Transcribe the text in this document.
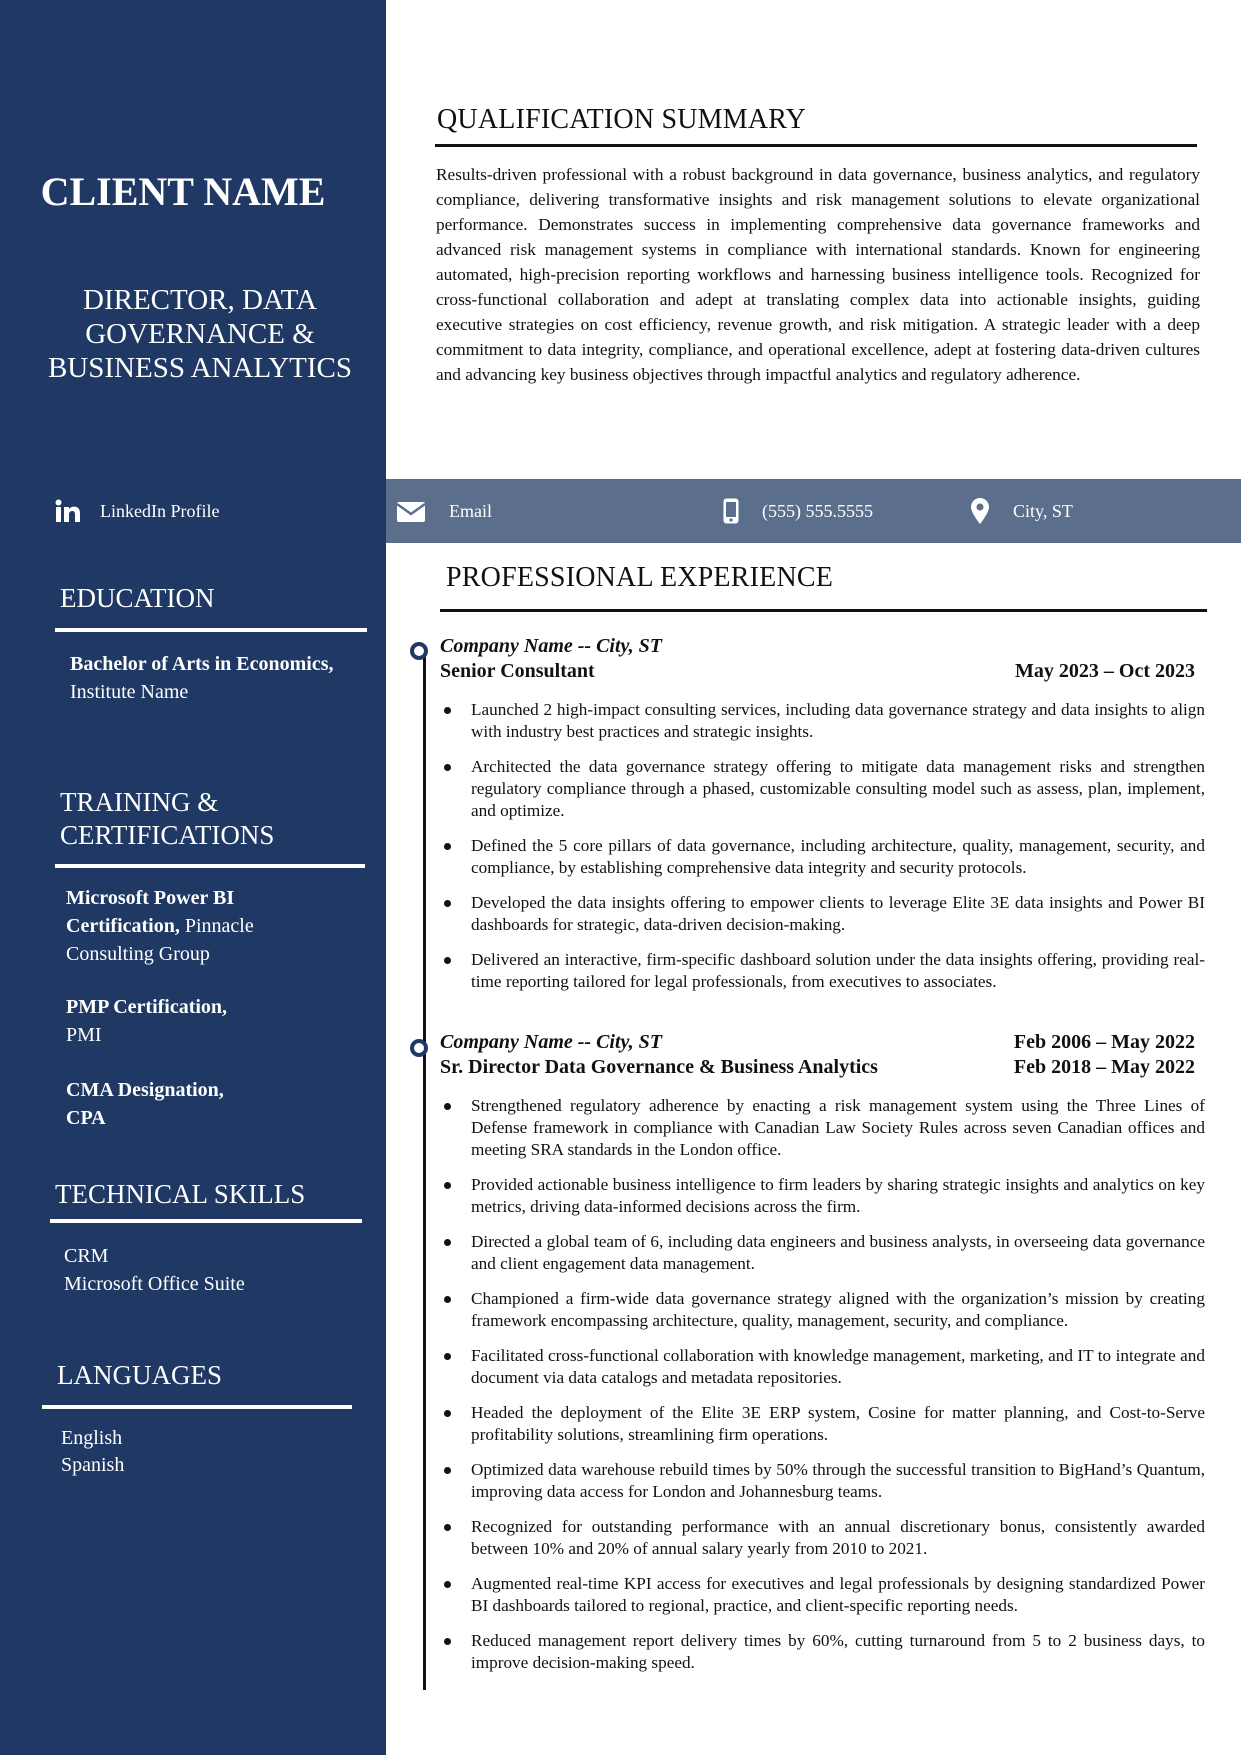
CLIENT NAME
DIRECTOR, DATA GOVERNANCE & BUSINESS ANALYTICS
LinkedIn Profile	Email	(555) 555.5555	City, ST
EDUCATION
Bachelor of Arts in Economics,
Institute Name
TRAINING &
CERTIFICATIONS
Microsoft Power BI
Certification, Pinnacle
Consulting Group
PMP Certification,
PMI
CMA Designation,
CPA
TECHNICAL SKILLS
CRM
Microsoft Office Suite
LANGUAGES
English
Spanish
QUALIFICATION SUMMARY
Results-driven professional with a robust background in data governance, business analytics, and regulatory compliance, delivering transformative insights and risk management solutions to elevate organizational performance. Demonstrates success in implementing comprehensive data governance frameworks and advanced risk management systems in compliance with international standards. Known for engineering automated, high-precision reporting workflows and harnessing business intelligence tools. Recognized for cross-functional collaboration and adept at translating complex data into actionable insights, guiding executive strategies on cost efficiency, revenue growth, and risk mitigation. A strategic leader with a deep commitment to data integrity, compliance, and operational excellence, adept at fostering data-driven cultures and advancing key business objectives through impactful analytics and regulatory adherence.
PROFESSIONAL EXPERIENCE
Company Name -- City, ST
Senior Consultant	May 2023 – Oct 2023
Launched 2 high-impact consulting services, including data governance strategy and data insights to align with industry best practices and strategic insights.
Architected the data governance strategy offering to mitigate data management risks and strengthen regulatory compliance through a phased, customizable consulting model such as assess, plan, implement, and optimize.
Defined the 5 core pillars of data governance, including architecture, quality, management, security, and compliance, by establishing comprehensive data integrity and security protocols.
Developed the data insights offering to empower clients to leverage Elite 3E data insights and Power BI dashboards for strategic, data-driven decision-making.
Delivered an interactive, firm-specific dashboard solution under the data insights offering, providing real-time reporting tailored for legal professionals, from executives to associates.
Company Name -- City, ST	Feb 2006 – May 2022
Sr. Director Data Governance & Business Analytics	Feb 2018 – May 2022
Strengthened regulatory adherence by enacting a risk management system using the Three Lines of Defense framework in compliance with Canadian Law Society Rules across seven Canadian offices and meeting SRA standards in the London office.
Provided actionable business intelligence to firm leaders by sharing strategic insights and analytics on key metrics, driving data-informed decisions across the firm.
Directed a global team of 6, including data engineers and business analysts, in overseeing data governance and client engagement data management.
Championed a firm-wide data governance strategy aligned with the organization’s mission by creating framework encompassing architecture, quality, management, security, and compliance.
Facilitated cross-functional collaboration with knowledge management, marketing, and IT to integrate and document via data catalogs and metadata repositories.
Headed the deployment of the Elite 3E ERP system, Cosine for matter planning, and Cost-to-Serve profitability solutions, streamlining firm operations.
Optimized data warehouse rebuild times by 50% through the successful transition to BigHand’s Quantum, improving data access for London and Johannesburg teams.
Recognized for outstanding performance with an annual discretionary bonus, consistently awarded between 10% and 20% of annual salary yearly from 2010 to 2021.
Augmented real-time KPI access for executives and legal professionals by designing standardized Power BI dashboards tailored to regional, practice, and client-specific reporting needs.
Reduced management report delivery times by 60%, cutting turnaround from 5 to 2 business days, to improve decision-making speed.
